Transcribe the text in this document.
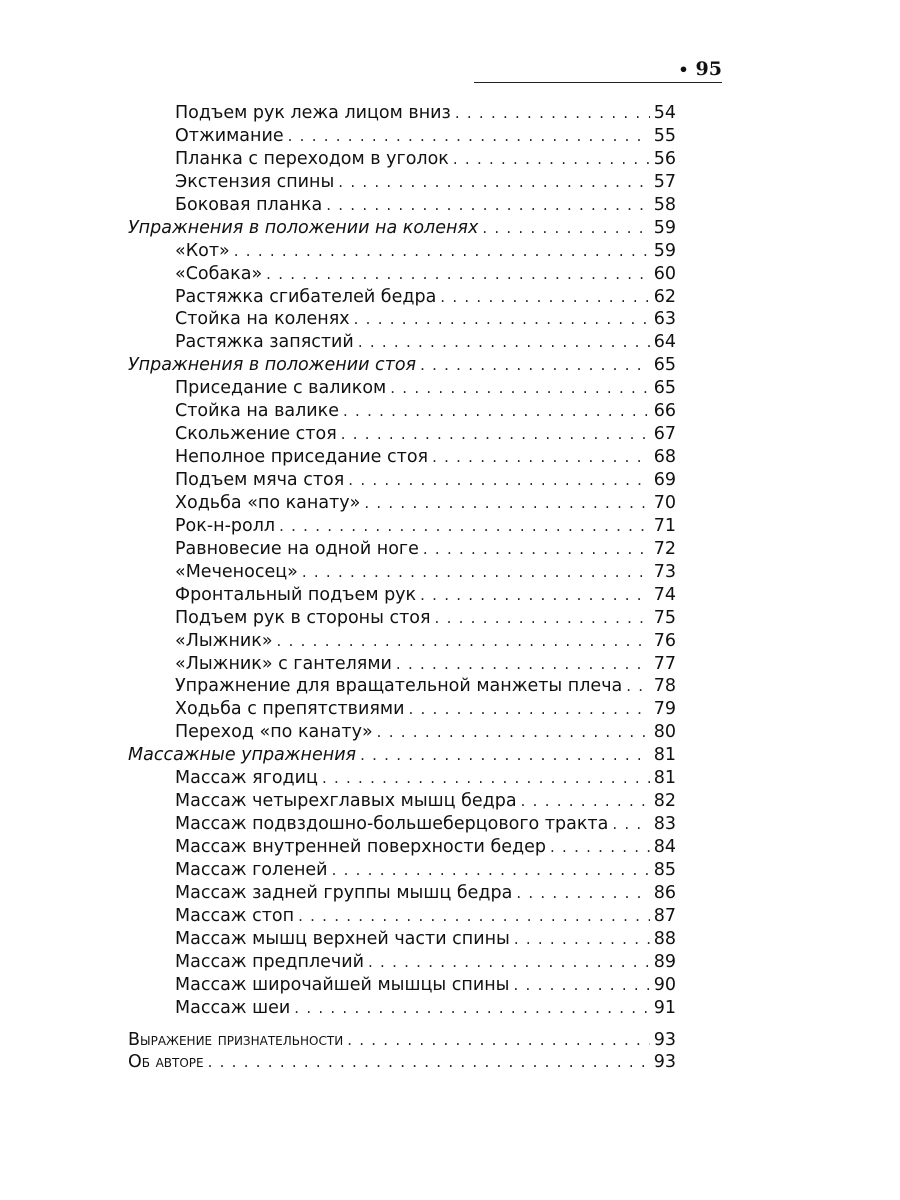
• 95
Подъем рук лежа лицом вниз . . .	54
Отжимание . . .	55
Планка с переходом в уголок . . .	56
Экстензия спины . . .	57
Боковая планка . . .	58
Упражнения в положении на коленях . . .	59
«Кот» . . .	59
«Собака» . . .	60
Растяжка сгибателей бедра . . .	62
Стойка на коленях . . .	63
Растяжка запястий . . .	64
Упражнения в положении стоя . . .	65
Приседание с валиком . . .	65
Стойка на валике . . .	66
Скольжение стоя . . .	67
Неполное приседание стоя . . .	68
Подъем мяча стоя . . .	69
Ходьба «по канату» . . .	70
Рок-н-ролл . . .	71
Равновесие на одной ноге . . .	72
«Меченосец» . . .	73
Фронтальный подъем рук . . .	74
Подъем рук в стороны стоя . . .	75
«Лыжник» . . .	76
«Лыжник» с гантелями . . .	77
Упражнение для вращательной манжеты плеча . . . 78
Ходьба с препятствиями . . .	79
Переход «по канату» . . .	80
Массажные упражнения . . .	81
Массаж ягодиц . . .	81
Массаж четырехглавых мышц бедра . . .	82
Массаж подвздошно-большеберцового тракта . . .	83
Массаж внутренней поверхности бедер . . .	84
Массаж голеней . . .	85
Массаж задней группы мышц бедра . . .	86
Массаж стоп . . .	87
Массаж мышц верхней части спины . . .	88
Массаж предплечий . . .	89
Массаж широчайшей мышцы спины . . .	90
Массаж шеи . . .	91
Выражение признательности . . .	93
Об авторе . . .	93
